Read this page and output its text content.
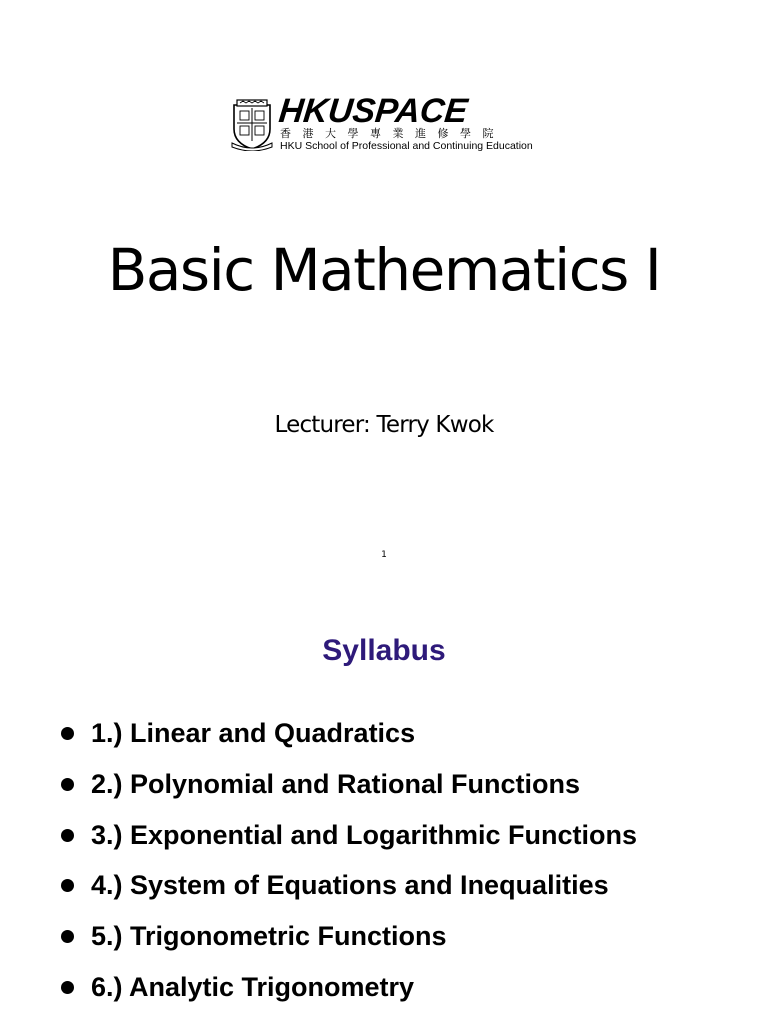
HKUSPACE
香港大學專業進修學院
HKU School of Professional and Continuing Education
Basic Mathematics I
Lecturer: Terry Kwok
1
Syllabus
1.) Linear and Quadratics
2.) Polynomial and Rational Functions
3.) Exponential and Logarithmic Functions
4.) System of Equations and Inequalities
5.) Trigonometric Functions
6.) Analytic Trigonometry
